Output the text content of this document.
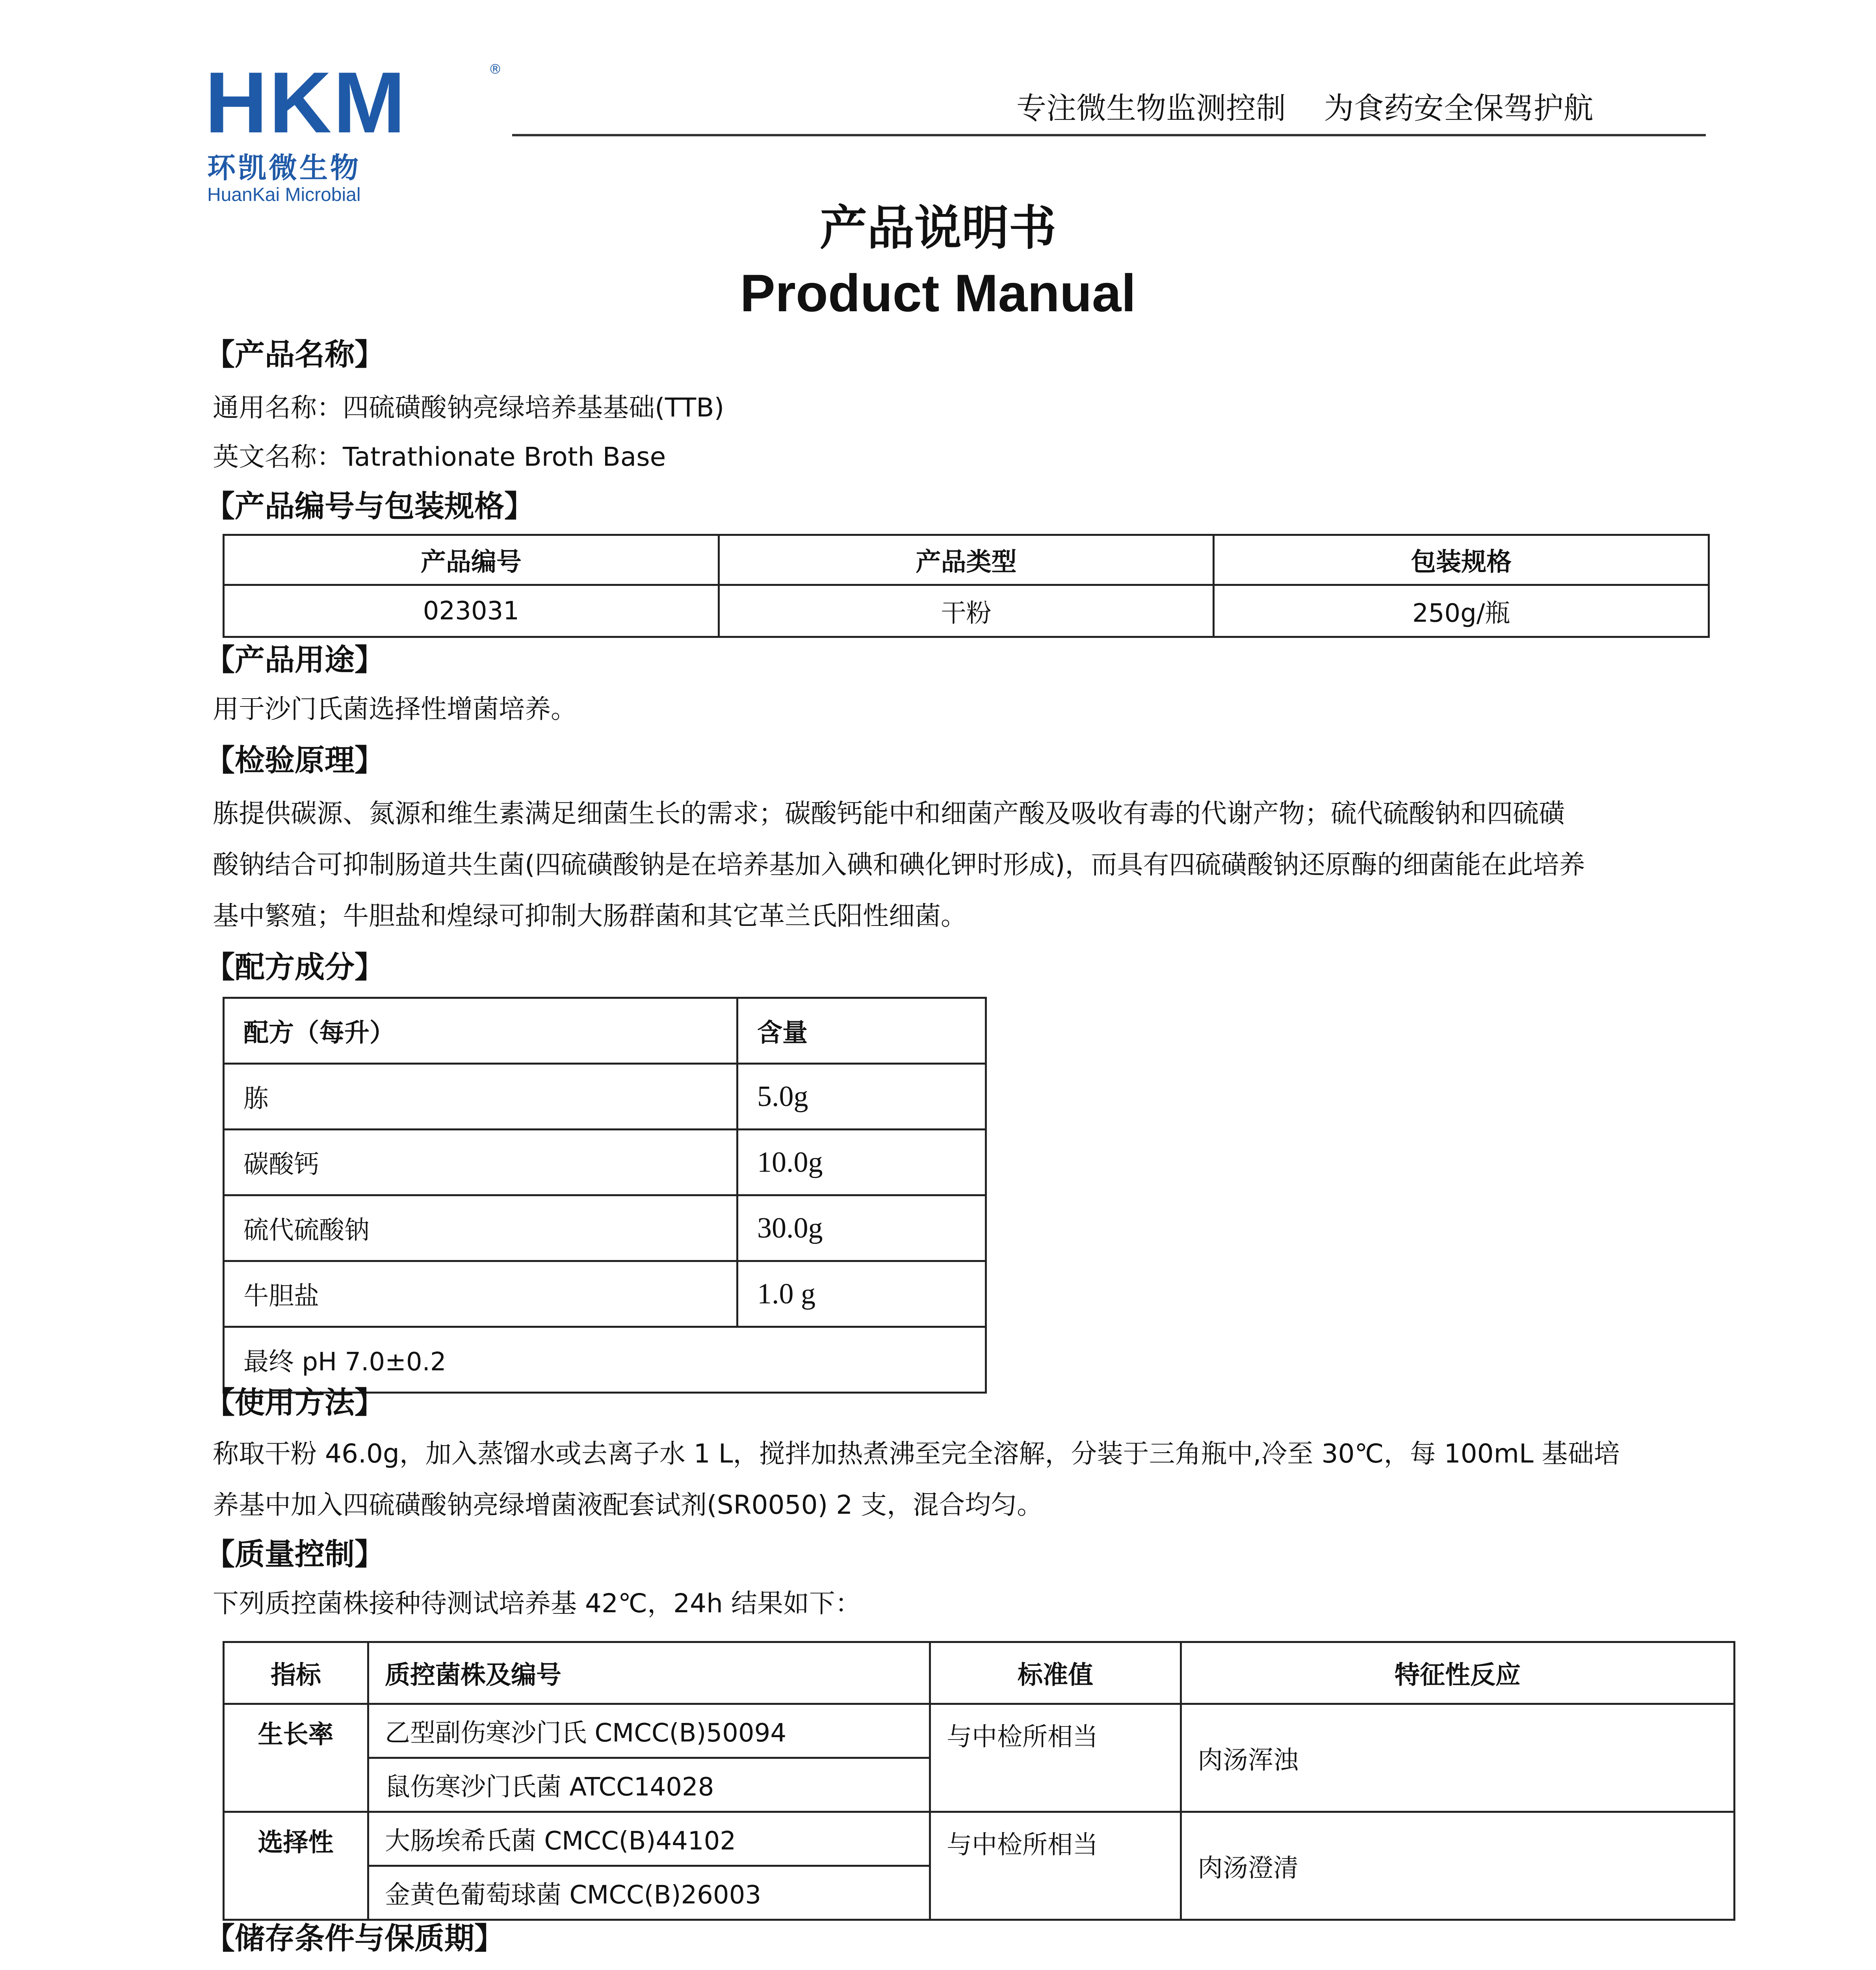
HKM	®
环凯微生物
HuanKai Microbial
专注微生物监测控制    为食药安全保驾护航
产品说明书
Product Manual
【产品名称】
通用名称：四硫磺酸钠亮绿培养基基础(TTB)
英文名称：Tatrathionate Broth Base
【产品编号与包装规格】
产品编号	产品类型	包装规格
023031	干粉	250g/瓶
【产品用途】
用于沙门氏菌选择性增菌培养。
【检验原理】
胨提供碳源、氮源和维生素满足细菌生长的需求；碳酸钙能中和细菌产酸及吸收有毒的代谢产物；硫代硫酸钠和四硫磺
酸钠结合可抑制肠道共生菌(四硫磺酸钠是在培养基加入碘和碘化钾时形成)，而具有四硫磺酸钠还原酶的细菌能在此培养
基中繁殖；牛胆盐和煌绿可抑制大肠群菌和其它革兰氏阳性细菌。
【配方成分】
配方（每升）	含量
胨	5.0g
碳酸钙	10.0g
硫代硫酸钠	30.0g
牛胆盐	1.0 g
最终 pH 7.0±0.2	
【使用方法】
称取干粉 46.0g，加入蒸馏水或去离子水 1 L，搅拌加热煮沸至完全溶解，分装于三角瓶中,冷至 30℃，每 100mL 基础培
养基中加入四硫磺酸钠亮绿增菌液配套试剂(SR0050) 2 支，混合均匀。
【质量控制】
下列质控菌株接种待测试培养基 42℃，24h 结果如下：
指标	质控菌株及编号	标准值	特征性反应
生长率	乙型副伤寒沙门氏 CMCC(B)50094	与中检所相当	肉汤浑浊
	鼠伤寒沙门氏菌 ATCC14028		
选择性	大肠埃希氏菌 CMCC(B)44102	与中检所相当	肉汤澄清
	金黄色葡萄球菌 CMCC(B)26003		
【储存条件与保质期】
